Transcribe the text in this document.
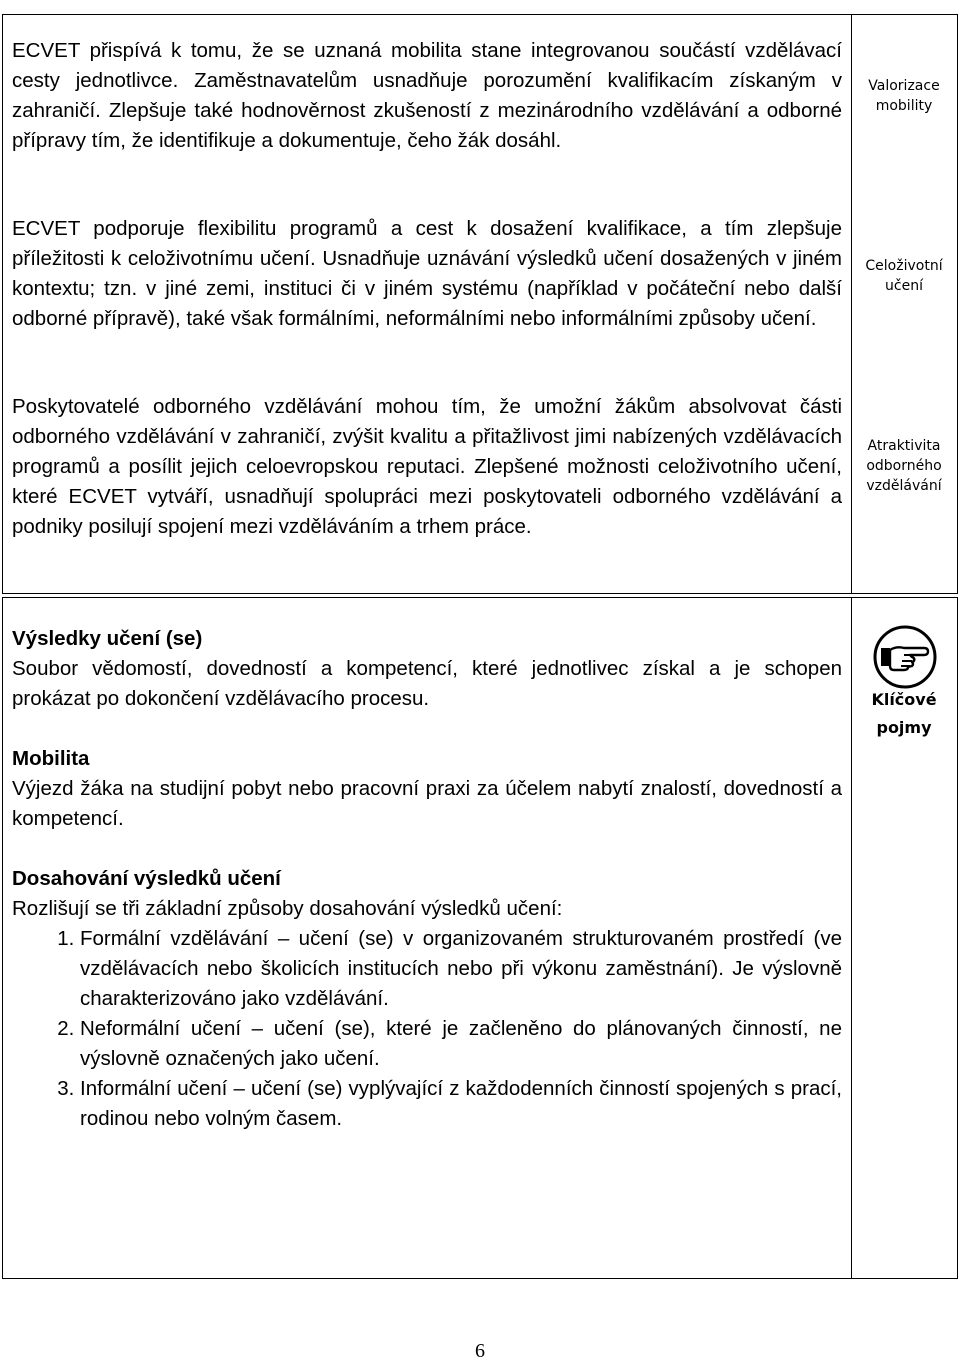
ECVET přispívá k tomu, že se uznaná mobilita stane integrovanou součástí vzdělávací cesty jednotlivce. Zaměstnavatelům usnadňuje porozumění kvalifikacím získaným v zahraničí. Zlepšuje také hodnověrnost zkušeností z mezinárodního vzdělávání a odborné přípravy tím, že identifikuje a dokumentuje, čeho žák dosáhl.

ECVET podporuje flexibilitu programů a cest k dosažení kvalifikace, a tím zlepšuje příležitosti k celoživotnímu učení. Usnadňuje uznávání výsledků učení dosažených v jiném kontextu; tzn. v jiné zemi, instituci či v jiném systému (například v počáteční nebo další odborné přípravě), také však formálními, neformálními nebo informálními způsoby učení.

Poskytovatelé odborného vzdělávání mohou tím, že umožní žákům absolvovat části odborného vzdělávání v zahraničí, zvýšit kvalitu a přitažlivost jimi nabízených vzdělávacích programů a posílit jejich celoevropskou reputaci. Zlepšené možnosti celoživotního učení, které ECVET vytváří, usnadňují spolupráci mezi poskytovateli odborného vzdělávání a podniky posilují spojení mezi vzděláváním a trhem práce.

Valorizace mobility
Celoživotní učení
Atraktivita odborného vzdělávání
Klíčové pojmy
Výsledky učení (se)
Soubor vědomostí, dovedností a kompetencí, které jednotlivec získal a je schopen prokázat po dokončení vzdělávacího procesu.
Mobilita
Výjezd žáka na studijní pobyt nebo pracovní praxi za účelem nabytí znalostí, dovedností a kompetencí.
Dosahování výsledků učení
Rozlišují se tři základní způsoby dosahování výsledků učení:
1. Formální vzdělávání – učení (se) v organizovaném strukturovaném prostředí (ve vzdělávacích nebo školicích institucích nebo při výkonu zaměstnání). Je výslovně charakterizováno jako vzdělávání.
2. Neformální učení – učení (se), které je začleněno do plánovaných činností, ne výslovně označených jako učení.
3. Informální učení – učení (se) vyplývající z každodenních činností spojených s prací, rodinou nebo volným časem.
6
